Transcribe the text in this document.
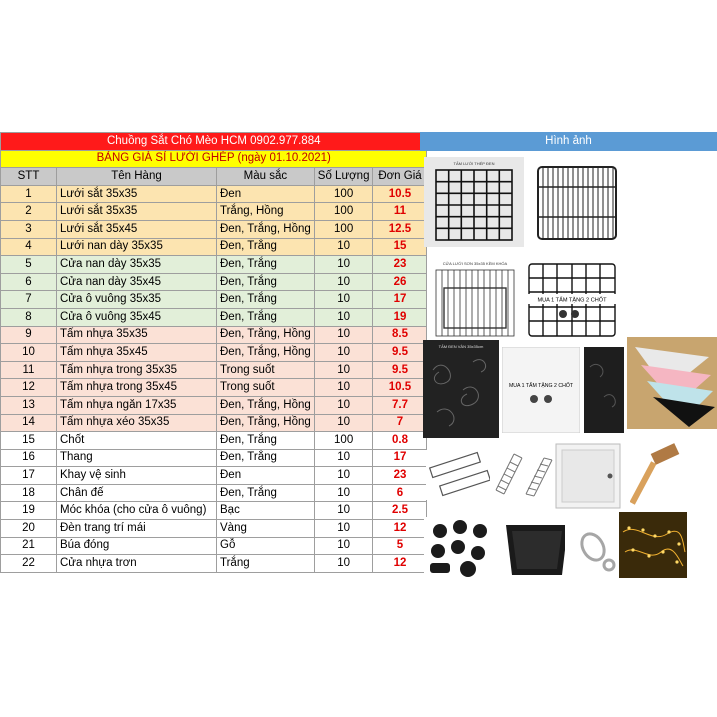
Chuồng Sắt Chó Mèo HCM 0902.977.884				
BẢNG GIÁ SỈ LƯỚI GHÉP (ngày 01.10.2021)				
STT	Tên Hàng	Màu sắc	Số Lượng	Đơn Giá
1	Lưới sắt 35x35	Đen	100	10.5
2	Lưới sắt 35x35	Trắng, Hồng	100	11
3	Lưới sắt 35x45	Đen, Trắng, Hồng	100	12.5
4	Lưới nan dày 35x35	Đen, Trắng	10	15
5	Cửa nan dày 35x35	Đen, Trắng	10	23
6	Cửa nan dày 35x45	Đen, Trắng	10	26
7	Cửa ô vuông 35x35	Đen, Trắng	10	17
8	Cửa ô vuông 35x45	Đen, Trắng	10	19
9	Tấm nhựa 35x35	Đen, Trắng, Hồng	10	8.5
10	Tấm nhựa 35x45	Đen, Trắng, Hồng	10	9.5
11	Tấm nhựa trong 35x35	Trong suốt	10	9.5
12	Tấm nhựa trong 35x45	Trong suốt	10	10.5
13	Tấm nhựa ngăn 17x35	Đen, Trắng, Hồng	10	7.7
14	Tấm nhựa xéo 35x35	Đen, Trắng, Hồng	10	7
15	Chốt	Đen, Trắng	100	0.8
16	Thang	Đen, Trắng	10	17
17	Khay vệ sinh	Đen	10	23
18	Chân đế	Đen, Trắng	10	6
19	Móc khóa (cho cửa ô vuông)	Bạc	10	2.5
20	Đèn trang trí mái	Vàng	10	12
21	Búa đóng	Gỗ	10	5
22	Cửa nhựa trơn	Trắng	10	12
Hình ảnh
TẤM LƯỚI THÉP ĐEN
CỬA LƯỚI SƠN 35x35 KÈM KHÓA
MUA 1 TẤM TẶNG 2 CHỐT
TẤM ĐEN VÂN 35x35cm
MUA 1 TẤM TẶNG 2 CHỐT
